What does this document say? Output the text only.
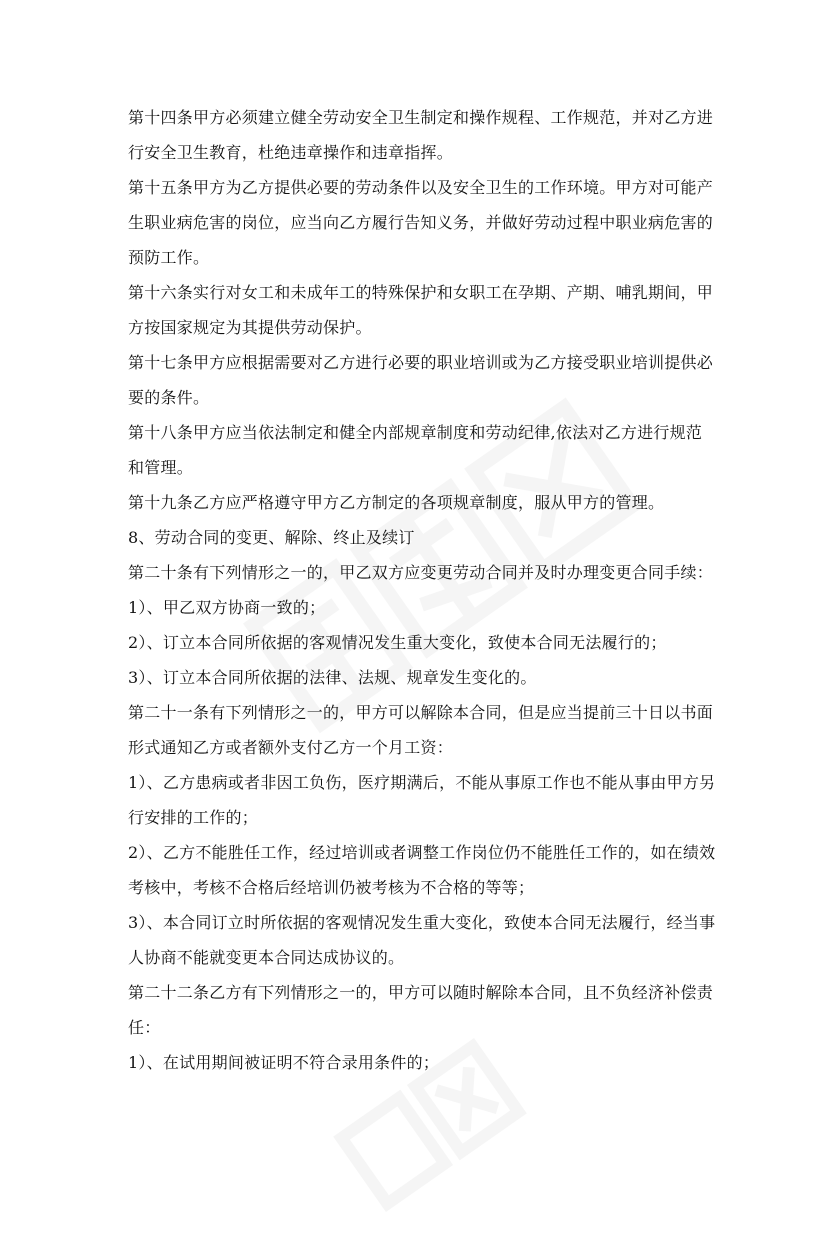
第十四条甲方必须建立健全劳动安全卫生制定和操作规程、工作规范，并对乙方进行安全卫生教育，杜绝违章操作和违章指挥。

第十五条甲方为乙方提供必要的劳动条件以及安全卫生的工作环境。甲方对可能产生职业病危害的岗位，应当向乙方履行告知义务，并做好劳动过程中职业病危害的预防工作。

第十六条实行对女工和未成年工的特殊保护和女职工在孕期、产期、哺乳期间，甲方按国家规定为其提供劳动保护。

第十七条甲方应根据需要对乙方进行必要的职业培训或为乙方接受职业培训提供必要的条件。

第十八条甲方应当依法制定和健全内部规章制度和劳动纪律,依法对乙方进行规范和管理。

第十九条乙方应严格遵守甲方乙方制定的各项规章制度，服从甲方的管理。

8、劳动合同的变更、解除、终止及续订

第二十条有下列情形之一的，甲乙双方应变更劳动合同并及时办理变更合同手续：

1）、甲乙双方协商一致的；

2）、订立本合同所依据的客观情况发生重大变化，致使本合同无法履行的；

3）、订立本合同所依据的法律、法规、规章发生变化的。

第二十一条有下列情形之一的，甲方可以解除本合同，但是应当提前三十日以书面形式通知乙方或者额外支付乙方一个月工资：

1）、乙方患病或者非因工负伤，医疗期满后，不能从事原工作也不能从事由甲方另行安排的工作的；

2）、乙方不能胜任工作，经过培训或者调整工作岗位仍不能胜任工作的，如在绩效考核中，考核不合格后经培训仍被考核为不合格的等等；

3）、本合同订立时所依据的客观情况发生重大变化，致使本合同无法履行，经当事人协商不能就变更本合同达成协议的。

第二十二条乙方有下列情形之一的，甲方可以随时解除本合同，且不负经济补偿责任：

1）、在试用期间被证明不符合录用条件的；
